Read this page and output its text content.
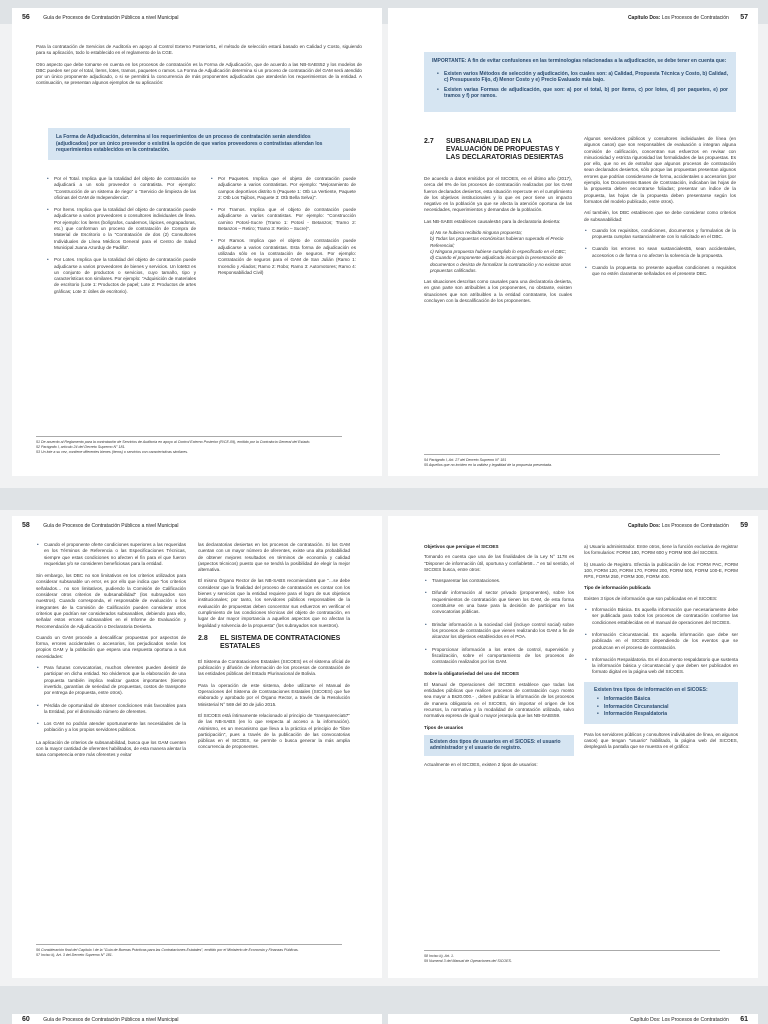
56	Guía de Procesos de Contratación Públicos a nivel Municipal

Para la contratación de Servicios de Auditoría en apoyo al Control Externo Posterior51, el método de selección estará basado en Calidad y Costo, siguiendo para su aplicación, todo lo establecido en el reglamento de la CGE.

Otro aspecto que debe tomarse en cuenta en los procesos de contratación es la Forma de Adjudicación, que de acuerdo a las NB-SABS52 y los modelos de DBC pueden ser por el total, ítems, lotes, tramos, paquetes o ramos. La Forma de Adjudicación determina si un proceso de contratación del GAM será atendido por un único proponente adjudicado, o si se permitirá la concurrencia de más proponentes adjudicados que atenderán los requerimientos de la entidad. A continuación, se presentan algunos ejemplos de su aplicación:

La Forma de Adjudicación, determina si los requerimientos de un proceso de contratación serán atendidos (adjudicados) por un único proveedor o existirá la opción de que varios proveedores o contratistas atiendan los requerimientos establecidos en la contratación.
• Por el Total. Implica que la totalidad del objeto de contratación se adjudicará a un solo proveedor o contratista. Por ejemplo: "Construcción de un sistema de riego" o "Servicio de limpieza de las oficinas del GAM de Independencia".
• Por Ítems. Implica que la totalidad del objeto de contratación puede adjudicarse a varios proveedores o consultores individuales de línea. Por ejemplo: los ítems (bolígrafos, cuadernos, lápices, engrapadoras, etc.) que conforman un proceso de contratación de Compra de Material de Escritorio o la "Contratación de dos (2) Consultores Individuales de Línea Médicos General para el Centro de Salud Municipal Juana Azurduy de Padilla".
• Por Lotes. Implica que la totalidad del objeto de contratación puede adjudicarse a varios proveedores de bienes y servicios. Un lote53 es un conjunto de productos o servicios, cuyo tamaño, tipo y características son similares. Por ejemplo: "Adquisición de materiales de escritorio (Lote 1: Productos de papel; Lote 2: Productos de artes gráficas; Lote 3: útiles de escritorio).
• Por Paquetes. Implica que el objeto de contratación puede adjudicarse a varios contratistas. Por ejemplo: "Mejoramiento de campos deportivos distrito 5 (Paquete 1: Otb La Vertiente, Paquete 2: Otb Los Tajibos, Paquete 3: Otb Bella Selva)".
• Por Tramos. Implica que el objeto de contratación puede adjudicarse a varios contratistas. Por ejemplo: "Construcción camino Potosí-Sucre (Tramo 1: Potosí - Betanzos; Tramo 2: Betanzos – Retiro; Tramo 3: Retiro – Sucre)".
• Por Ramos. Implica que el objeto de contratación puede adjudicarse a varios contratistas. Esta forma de adjudicación es utilizada sólo en la contratación de seguros. Por ejemplo: Contratación de seguros para el GAM de San Julián (Ramo 1: Incendio y Aliados; Ramo 2: Robo; Ramo 3: Automotores; Ramo 4: Responsabilidad Civil)
51 De acuerdo al Reglamento para la contratación de Servicios de Auditoría en apoyo al Control Externo Posterior (R/CE-09), emitido por la Contraloría General del Estado.
52 Parágrafo I, artículo 24 del Decreto Supremo N° 181.
53 Un lote a su vez, contiene diferentes bienes (ítems) o servicios con características similares.
Capítulo Dos: Los Procesos de Contratación 57
IMPORTANTE: A fin de evitar confusiones en las terminologías relacionadas a la adjudicación, se debe tener en cuenta que:
• Existen varios Métodos de selección y adjudicación, los cuales son: a) Calidad, Propuesta Técnica y Costo, b) Calidad, c) Presupuesto Fijo, d) Menor Costo y e) Precio Evaluado más bajo.
• Existen varias Formas de adjudicación, que son: a) por el total, b) por ítems, c) por lotes, d) por paquetes, e) por tramos y f) por ramos.
2.7	SUBSANABILIDAD EN LA EVALUACIÓN DE PROPUESTAS Y LAS DECLARATORIAS DESIERTAS

De acuerdo a datos emitidos por el SICOES, en el último año (2017), cerca del 8% de los procesos de contratación realizados por los GAM fueron declarados desiertos, esta situación repercute en el cumplimiento de los objetivos institucionales y lo que es peor tiene un impacto negativo en la población ya que se afecta la atención oportuna de las necesidades, requerimientos y demandas de la población.

Las NB-SABS establecen causales54 para la declaratoria desierta:

a) No se hubiera recibido ninguna propuesta;
b) Todas las propuestas económicas hubieran superado el Precio Referencial;
c) Ninguna propuesta hubiese cumplido lo especificado en el DBC;
d) Cuando el proponente adjudicado incumpla la presentación de documentos o desista de formalizar la contratación y no existan otras propuestas calificadas.

Las situaciones descritas como causales para una declaratoria desierta, en gran parte son atribuibles a los proponentes, no obstante, existen situaciones que son atribuibles a la entidad contratante, los cuales concluyen con la descalificación de los proponentes.

Algunos servidores públicos y consultores individuales de línea (en algunos casos) que son responsables de evaluación o integran alguna comisión de calificación, concentran sus esfuerzos en revisar con minuciosidad y estricta rigurosidad las formalidades de las propuestas. Es por ello, que no es de extrañar que algunos procesos de contratación sean declarados desiertos, sólo porque las propuestas presentan algunos errores que podrían considerarse de forma, accidentales o accesorios (por ejemplo, los Documentos Bases de Contratación, indicaban las hojas de la propuesta deben encontrarse foliadas; presentar un índice de la propuesta, las hojas de la propuesta deben presentarse según los formatos del modelo publicado, entre otros).

Así también, los DBC establecen que se debe considerar como criterios de subsanabilidad:

• Cuando los requisitos, condiciones, documentos y formularios de la propuesta cumplan sustancialmente con lo solicitado en el DBC.
• Cuando los errores no sean sustanciales55, sean accidentales, accesorios o de forma o no afecten la solvencia de la propuesta.
• Cuando la propuesta no presente aquellas condiciones o requisitos que no estén claramente señalados en el presente DBC.
54 Parágrafo I, Art. 27 del Decreto Supremo N° 181
55 Aquellos que no inciden en la validez y legalidad de la propuesta presentada.
58	Guía de Procesos de Contratación Públicos a nivel Municipal
• Cuando el proponente oferte condiciones superiores a las requeridas en los Términos de Referencia o las Especificaciones Técnicas, siempre que estas condiciones no afecten el fin para el que fueron requeridas y/o se consideren beneficiosas para la entidad.

Sin embargo, los DBC no son limitativos en los criterios utilizados para considerar subsanable un error, es por ello que indica que "los criterios señalados… no son limitativos, pudiendo la Comisión de Calificación considerar otros criterios de subsanabilidad" (los subrayados son nuestros). Cuando corresponda, el responsable de evaluación o los integrantes de la Comisión de Calificación pueden considerar otros criterios que podrían ser considerados subsanables, debiendo para ello, señalar estos errores subsanables en el Informe de Evaluación y Recomendación de Adjudicación o Declaratoria Desierta.

Cuando un GAM procede a descalificar propuestas por aspectos de forma, errores accidentales o accesorios, los perjudicados serán los propios GAM y la población que espera una respuesta oportuna a sus necesidades:

• Para futuras convocatorias, muchos oferentes pueden desistir de participar en dicha entidad. No olvidemos que la elaboración de una propuesta también implica realizar gastos importantes (tiempo invertido, garantías de seriedad de propuestas, costos de transporte por entrega de propuesta, entre otros).
• Pérdida de oportunidad de obtener condiciones más favorables para la Entidad, por el disminuido número de oferentes.
• Los GAM no podrán atender oportunamente las necesidades de la población y a los propios servidores públicos.

La aplicación de criterios de subsanabilidad, busca que los GAM cuenten con la mayor cantidad de oferentes habilitados, de esta manera alentar la sana competencia entre más oferentes y evitar

las declaratorias desiertas en los procesos de contratación. Si los GAM cuentan con un mayor número de oferentes, existe una alta probabilidad de obtener mejores resultados en términos de economía y calidad (aspectos técnicos) puesto que se tendrá la posibilidad de elegir la mejor alternativa.

El mismo Órgano Rector de las NB-SABS recomienda56 que "…se debe considerar que la finalidad del proceso de contratación es contar con los bienes y servicios que la entidad requiere para el logro de sus objetivos institucionales; por tanto, los servidores públicos responsables de la evaluación de propuestas deben concentrar sus esfuerzos en verificar el cumplimiento de las condiciones técnicas del objeto de contratación, en lugar de dar mayor importancia a aquellos aspectos que no afectan la legalidad y solvencia de la propuesta" (los subrayados son nuestros).

2.8	EL SISTEMA DE CONTRATACIONES ESTATALES

El Sistema de Contrataciones Estatales (SICOES) es el sistema oficial de publicación y difusión de información de los procesos de contratación de las entidades públicas del Estado Plurinacional de Bolivia.

Para la operación de este sistema, debe utilizarse el Manual de Operaciones del Sistema de Contrataciones Estatales (SICOES) que fue elaborado y aprobado por el Órgano Rector, a través de la Resolución Ministerial N° 569 del 30 de julio 2015.

El SICOES está íntimamente relacionado al principio de "transparencia57" de las NB-SABS (en lo que respecta al acceso a la información). Asimismo, es un mecanismo que lleva a la práctica el principio de "libre participación", pues a través de la publicación de las convocatorias públicas en el SICOES, se permite o busca generar la más amplia concurrencia de proponentes.

56 Consideración final del Capítulo I de la "Guía de Buenas Prácticas para las Contrataciones Estatales", emitido por el Ministerio de Economía y Finanzas Públicas.
57 Inciso k), Art. 3 del Decreto Supremo N° 181.
Capítulo Dos: Los Procesos de Contratación 59
Objetivos que persigue el SICOES

Tomando en cuenta que una de las finalidades de la Ley N° 1178 es "Disponer de información útil, oportuna y confiable58…" en tal sentido, el SICOES busca, entre otros:

• Transparentar las contrataciones.
• Difundir información al sector privado (proponentes), sobre los requerimientos de contratación que tienen los GAM, de esta forma constituirse en una base para la decisión de participar en las convocatorias públicas.
• Brindar información a la sociedad civil (incluye control social) sobre los procesos de contratación que vienen realizando los GAM a fin de alcanzar los objetivos establecidos en el POA.
• Proporcionar información a los entes de control, supervisión y fiscalización, sobre el comportamiento de los procesos de contratación realizados por los GAM.
Sobre la obligatoriedad del uso del SICOES

El Manual de Operaciones del SICOES establece que todas las entidades públicas que realicen procesos de contratación cuyo monto sea mayor a Bs20.000.- , deben publicar la información de los procesos de manera obligatoria en el SICOES, sin importar el origen de los recursos, la normativa y la modalidad de contratación utilizada, salvo normativa expresa de igual o mayor jerarquía que las NB-SABS59.

Tipos de usuarios
Existen dos tipos de usuarios en el SICOES: el usuario administrador y el usuario de registro.

Actualmente en el SICOES, existen 2 tipos de usuarios:

a) Usuario administrador. Entre otros, tiene la función exclusiva de registrar los formularios: FORM 180, FORM 600 y FORM 900 del SICOES.

b) Usuario de Registro. Efectúa la publicación de los: FORM PAC, FORM 100, FORM 120, FORM 170, FORM 200, FORM 500, FORM 100-E, FORM RPS, FORM 250, FORM 300, FORM 400.

Tipo de información publicada

Existen 3 tipos de información que son publicadas en el SICOES:

• Información Básica. Es aquella información que necesariamente debe ser publicada para todos los procesos de contratación conforme las condiciones establecidas en el manual de operaciones del SICOES.
• Información Circunstancial. Es aquella información que debe ser publicada en el SICOES dependiendo de los eventos que se produzcan en el proceso de contratación.
• Información Respaldatoria. Es el documento respaldatorio que sustenta la información básica y circunstancial y que deben ser publicados en formato digital en la página web del SICOES.
Existen tres tipos de información en el SICOES:
• Información Básica
• Información Circunstancial
• Información Respaldatoria

Para los servidores públicos y consultores individuales de línea, en algunos casos) que tengan "usuario" habilitado, la página web del SICOES, desplegará la pantalla que se muestra en el gráfico:

58 Inciso b), Art. 1.
59 Numeral 3 del Manual de Operaciones del SICOES.
60	Guía de Procesos de Contratación Públicos a nivel Municipal	Capítulo Dos: Los Procesos de Contratación 61
